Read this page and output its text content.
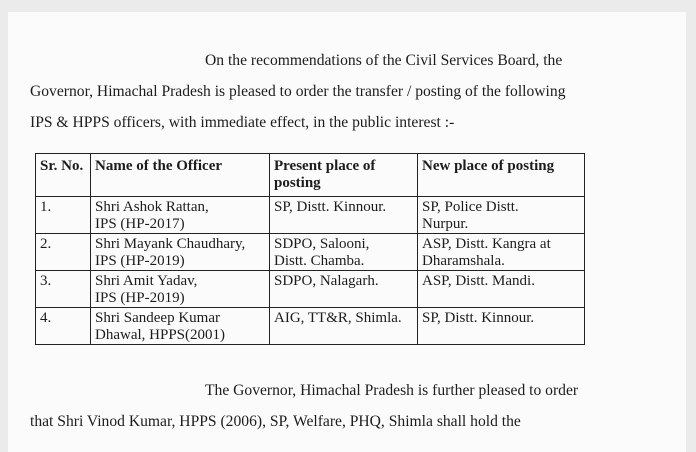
On the recommendations of the Civil Services Board, the
Governor, Himachal Pradesh is pleased to order the transfer / posting of the following
IPS & HPPS officers, with immediate effect, in the public interest :-
Sr. No.	Name of the Officer	Present place of posting	New place of posting
1.	Shri Ashok Rattan,
IPS (HP-2017)	SP, Distt. Kinnour.	SP, Police Distt.
Nurpur.

2.	Shri Mayank Chaudhary,
IPS (HP-2019)	SDPO, Salooni,
Distt. Chamba.	ASP, Distt. Kangra at
Dharamshala.

3.	Shri Amit Yadav,
IPS (HP-2019)	SDPO, Nalagarh.	ASP, Distt. Mandi.

4.	Shri Sandeep Kumar
Dhawal, HPPS(2001)	AIG, TT&R, Shimla.	SP, Distt. Kinnour.
The Governor, Himachal Pradesh is further pleased to order
that Shri Vinod Kumar, HPPS (2006), SP, Welfare, PHQ, Shimla shall hold the
